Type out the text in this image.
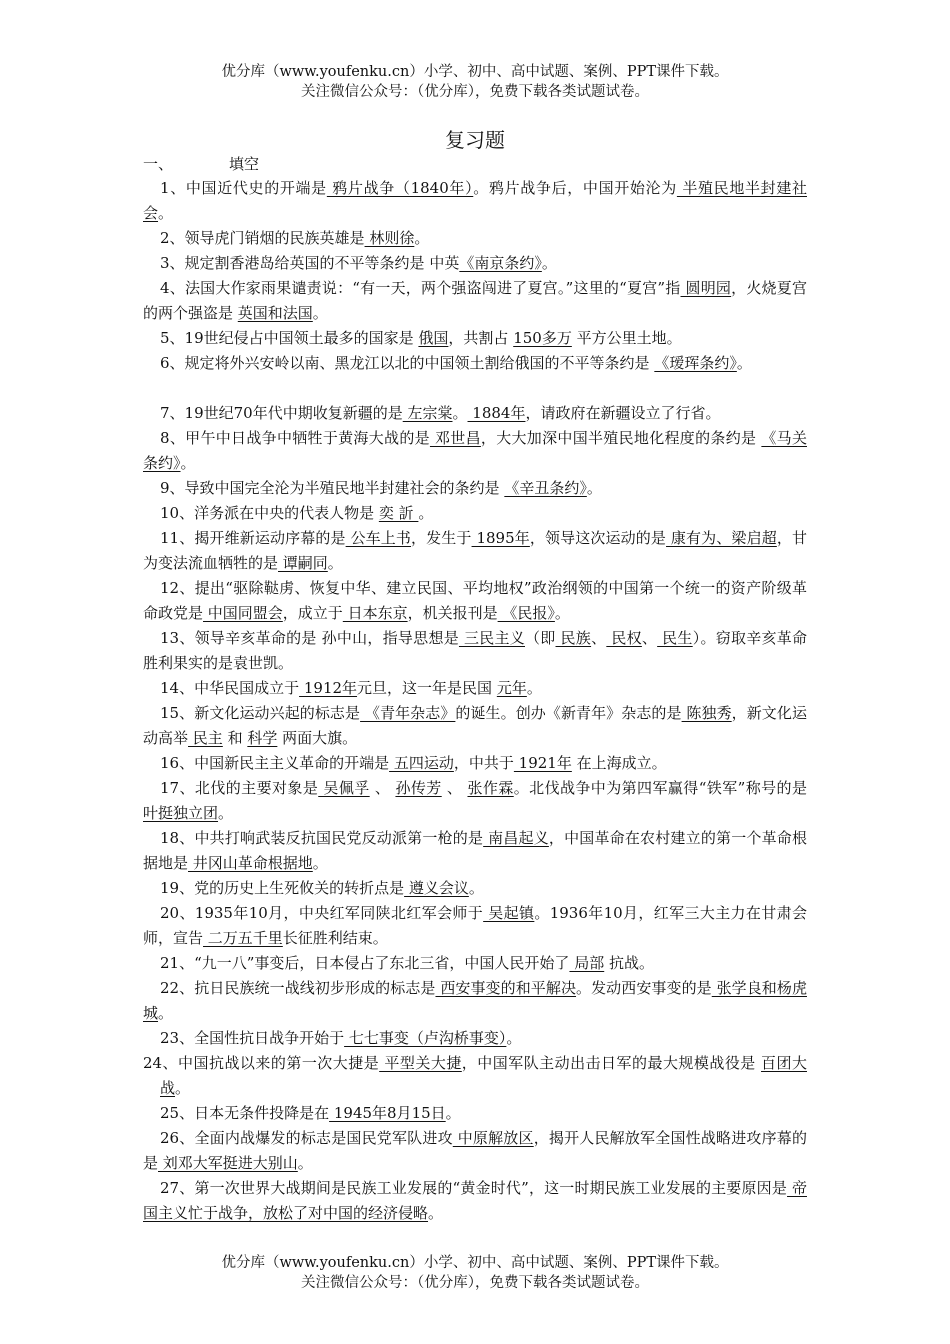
优分库（www.youfenku.cn）小学、初中、高中试题、案例、PPT课件下载。
关注微信公众号：（优分库），免费下载各类试题试卷。
复习题
一、	填空
1、中国近代史的开端是 鸦片战争（1840年）。鸦片战争后，中国开始沦为 半殖民地半封建社会。
2、领导虎门销烟的民族英雄是 林则徐。
3、规定割香港岛给英国的不平等条约是 中英《南京条约》。
4、法国大作家雨果谴责说：“有一天，两个强盗闯进了夏宫。”这里的“夏宫”指 圆明园，火烧夏宫的两个强盗是 英国和法国。
5、19世纪侵占中国领土最多的国家是 俄国，共割占 150多万 平方公里土地。
6、规定将外兴安岭以南、黑龙江以北的中国领土割给俄国的不平等条约是 《瑷珲条约》。
7、19世纪70年代中期收复新疆的是 左宗棠。 1884年，请政府在新疆设立了行省。
8、甲午中日战争中牺牲于黄海大战的是 邓世昌，大大加深中国半殖民地化程度的条约是 《马关条约》。
9、导致中国完全沦为半殖民地半封建社会的条约是 《辛丑条约》。
10、洋务派在中央的代表人物是 奕 訢 。
11、揭开维新运动序幕的是 公车上书，发生于 1895年，领导这次运动的是 康有为、梁启超，甘为变法流血牺牲的是 谭嗣同。
12、提出“驱除鞑虏、恢复中华、建立民国、平均地权”政治纲领的中国第一个统一的资产阶级革命政党是 中国同盟会，成立于 日本东京，机关报刊是 《民报》。
13、领导辛亥革命的是 孙中山，指导思想是 三民主义（即 民族、 民权、 民生）。窃取辛亥革命胜利果实的是袁世凯。
14、中华民国成立于 1912年元旦，这一年是民国 元年。
15、新文化运动兴起的标志是 《青年杂志》的诞生。创办《新青年》杂志的是 陈独秀，新文化运动高举 民主 和 科学 两面大旗。
16、中国新民主主义革命的开端是 五四运动，中共于 1921年 在上海成立。
17、北伐的主要对象是 吴佩孚 、 孙传芳 、 张作霖。北伐战争中为第四军赢得“铁军”称号的是 叶挺独立团。
18、中共打响武装反抗国民党反动派第一枪的是 南昌起义，中国革命在农村建立的第一个革命根据地是 井冈山革命根据地。
19、党的历史上生死攸关的转折点是 遵义会议。
20、1935年10月，中央红军同陕北红军会师于 吴起镇。1936年10月，红军三大主力在甘肃会师，宣告 二万五千里长征胜利结束。
21、“九一八”事变后，日本侵占了东北三省，中国人民开始了 局部 抗战。
22、抗日民族统一战线初步形成的标志是 西安事变的和平解决。发动西安事变的是 张学良和杨虎城。
23、全国性抗日战争开始于 七七事变（卢沟桥事变）。
24、中国抗战以来的第一次大捷是 平型关大捷，中国军队主动出击日军的最大规模战役是 百团大战。
25、日本无条件投降是在 1945年8月15日。
26、全面内战爆发的标志是国民党军队进攻 中原解放区，揭开人民解放军全国性战略进攻序幕的是 刘邓大军挺进大别山。
27、第一次世界大战期间是民族工业发展的“黄金时代”，这一时期民族工业发展的主要原因是 帝国主义忙于战争，放松了对中国的经济侵略。
优分库（www.youfenku.cn）小学、初中、高中试题、案例、PPT课件下载。
关注微信公众号：（优分库），免费下载各类试题试卷。
